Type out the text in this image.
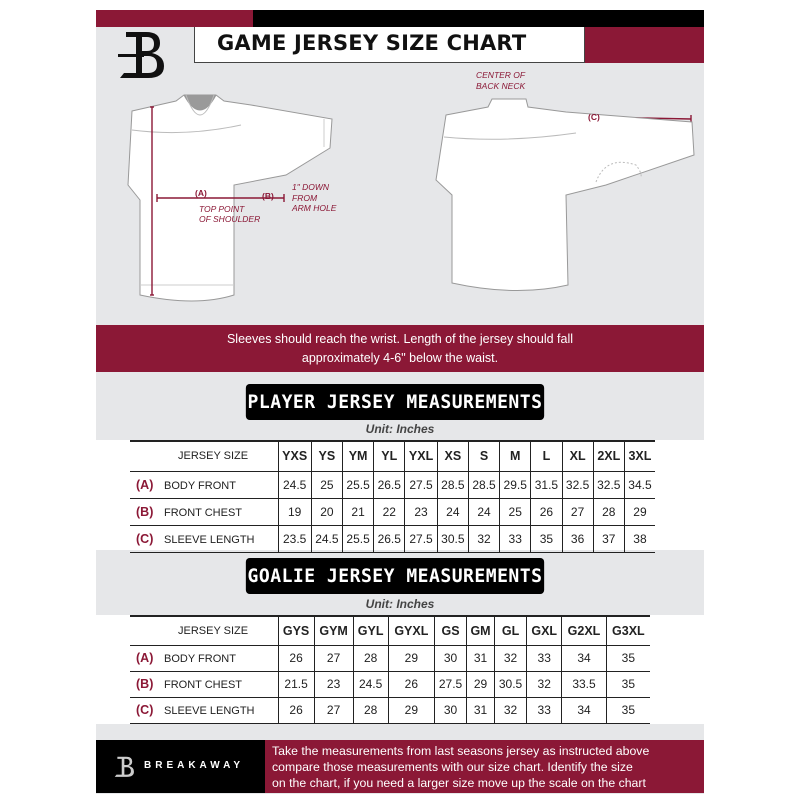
GAME JERSEY SIZE CHART
(A)

TOP POINT
OF SHOULDER
(B)
1" DOWN
FROM
ARM HOLE
CENTER OF
BACK NECK
(C)
Sleeves should reach the wrist. Length of the jersey should fall
approximately 4-6" below the waist.
PLAYER JERSEY MEASUREMENTS
Unit: Inches
JERSEY SIZE	YXS	YS	YM	YL	YXL	XS	S	M	L	XL	2XL	3XL
(A) BODY FRONT	24.5	25	25.5	26.5	27.5	28.5	28.5	29.5	31.5	32.5	32.5	34.5
(B) FRONT CHEST	19	20	21	22	23	24	24	25	26	27	28	29
(C) SLEEVE LENGTH	23.5	24.5	25.5	26.5	27.5	30.5	32	33	35	36	37	38
GOALIE JERSEY MEASUREMENTS
Unit: Inches
JERSEY SIZE	GYS	GYM	GYL	GYXL	GS	GM	GL	GXL	G2XL	G3XL
(A) BODY FRONT	26	27	28	29	30	31	32	33	34	35
(B) FRONT CHEST	21.5	23	24.5	26	27.5	29	30.5	32	33.5	35
(C) SLEEVE LENGTH	26	27	28	29	30	31	32	33	34	35
BREAKAWAY
Take the measurements from last seasons jersey as instructed above
compare those measurements with our size chart. Identify the size
on the chart, if you need a larger size move up the scale on the chart
